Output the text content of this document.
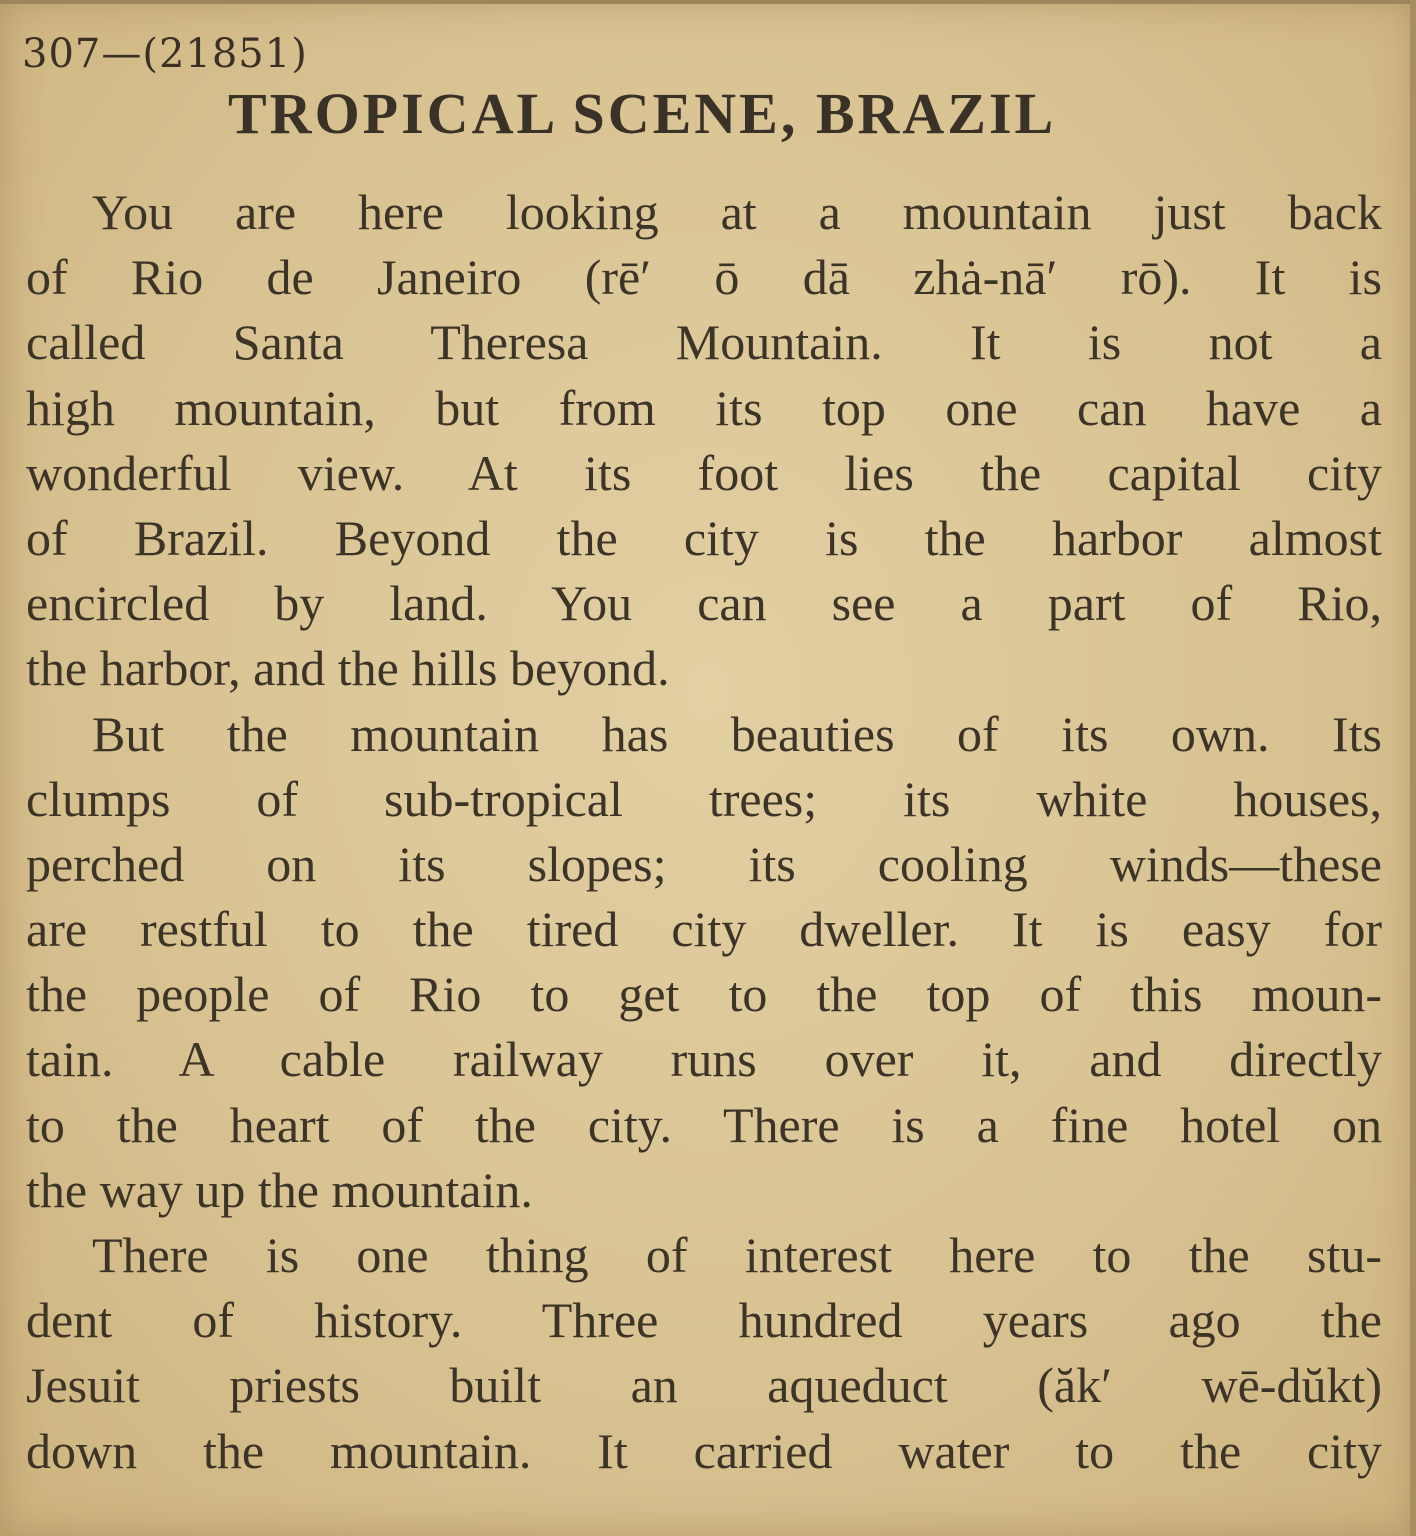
307—(21851)
TROPICAL SCENE, BRAZIL
You are here looking at a mountain just back
of Rio de Janeiro (rē′ ō dā zhȧ-nā′ rō). It is
called Santa Theresa Mountain. It is not a
high mountain, but from its top one can have a
wonderful view. At its foot lies the capital city
of Brazil. Beyond the city is the harbor almost
encircled by land. You can see a part of Rio,
the harbor, and the hills beyond.
But the mountain has beauties of its own. Its
clumps of sub-tropical trees; its white houses,
perched on its slopes; its cooling winds—these
are restful to the tired city dweller. It is easy for
the people of Rio to get to the top of this moun-
tain. A cable railway runs over it, and directly
to the heart of the city. There is a fine hotel on
the way up the mountain.
There is one thing of interest here to the stu-
dent of history. Three hundred years ago the
Jesuit priests built an aqueduct (ăk′ wē-dŭkt)
down the mountain. It carried water to the city
